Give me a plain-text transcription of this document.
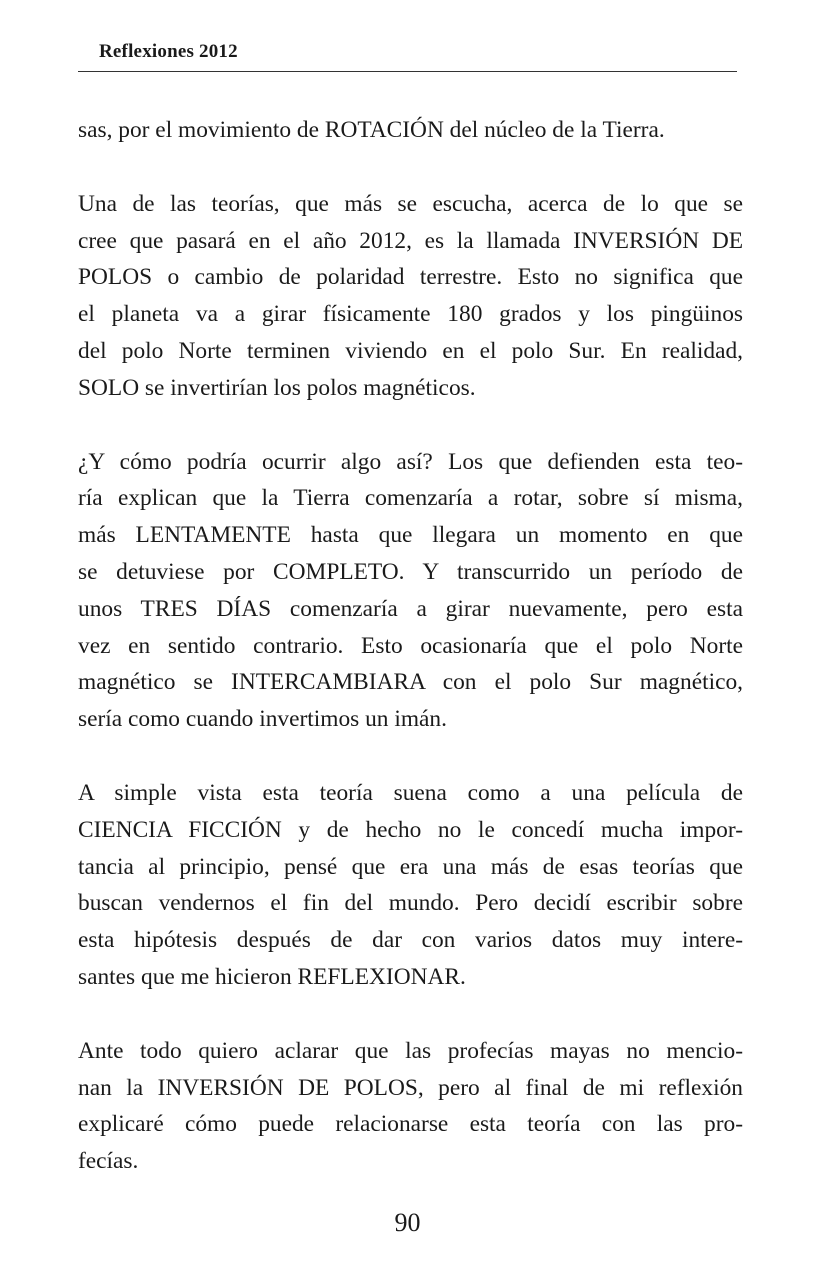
Reflexiones 2012
sas, por el movimiento de ROTACIÓN del núcleo de la Tierra.
Una de las teorías, que más se escucha, acerca de lo que se
cree que pasará en el año 2012, es la llamada INVERSIÓN DE
POLOS o cambio de polaridad terrestre. Esto no significa que
el planeta va a girar físicamente 180 grados y los pingüinos
del polo Norte terminen viviendo en el polo Sur. En realidad,
SOLO se invertirían los polos magnéticos.
¿Y cómo podría ocurrir algo así? Los que defienden esta teo-
ría explican que la Tierra comenzaría a rotar, sobre sí misma,
más LENTAMENTE hasta que llegara un momento en que
se detuviese por COMPLETO. Y transcurrido un período de
unos TRES DÍAS comenzaría a girar nuevamente, pero esta
vez en sentido contrario. Esto ocasionaría que el polo Norte
magnético se INTERCAMBIARA con el polo Sur magnético,
sería como cuando invertimos un imán.
A simple vista esta teoría suena como a una película de
CIENCIA FICCIÓN y de hecho no le concedí mucha impor-
tancia al principio, pensé que era una más de esas teorías que
buscan vendernos el fin del mundo. Pero decidí escribir sobre
esta hipótesis después de dar con varios datos muy intere-
santes que me hicieron REFLEXIONAR.
Ante todo quiero aclarar que las profecías mayas no mencio-
nan la INVERSIÓN DE POLOS, pero al final de mi reflexión
explicaré cómo puede relacionarse esta teoría con las pro-
fecías.
90
